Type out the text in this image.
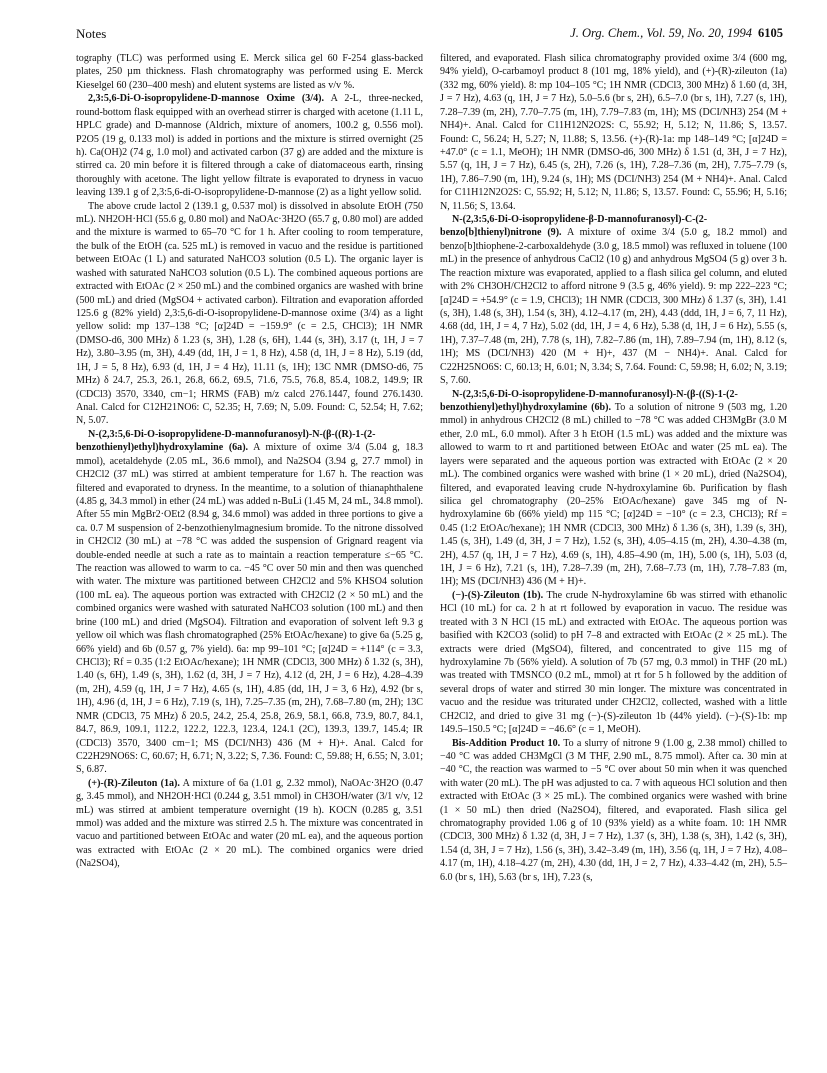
Notes	J. Org. Chem., Vol. 59, No. 20, 1994 6105

tography (TLC) was performed using E. Merck silica gel 60 F-254 glass-backed plates, 250 µm thickness. Flash chromatography was performed using E. Merck Kieselgel 60 (230–400 mesh) and elutent systems are listed as v/v %.

2,3:5,6-Di-O-isopropylidene-D-mannose Oxime (3/4). A 2-L, three-necked, round-bottom flask equipped with an overhead stirrer is charged with acetone (1.11 L, HPLC grade) and D-mannose (Aldrich, mixture of anomers, 100.2 g, 0.556 mol). P2O5 (19 g, 0.133 mol) is added in portions and the mixture is stirred overnight (25 h). Ca(OH)2 (74 g, 1.0 mol) and activated carbon (37 g) are added and the mixture is stirred ca. 20 min before it is filtered through a cake of diatomaceous earth, rinsing thoroughly with acetone. The light yellow filtrate is evaporated to dryness in vacuo leaving 139.1 g of 2,3:5,6-di-O-isopropylidene-D-mannose (2) as a light yellow solid.

The above crude lactol 2 (139.1 g, 0.537 mol) is dissolved in absolute EtOH (750 mL). NH2OH·HCl (55.6 g, 0.80 mol) and NaOAc·3H2O (65.7 g, 0.80 mol) are added and the mixture is warmed to 65–70 °C for 1 h. After cooling to room temperature, the bulk of the EtOH (ca. 525 mL) is removed in vacuo and the residue is partitioned between EtOAc (1 L) and saturated NaHCO3 solution (0.5 L). The organic layer is washed with saturated NaHCO3 solution (0.5 L). The combined aqueous portions are extracted with EtOAc (2 × 250 mL) and the combined organics are washed with brine (500 mL) and dried (MgSO4 + activated carbon). Filtration and evaporation afforded 125.6 g (82% yield) 2,3:5,6-di-O-isopropylidene-D-mannose oxime (3/4) as a light yellow solid: mp 137–138 °C; [α]24D = −159.9° (c = 2.5, CHCl3); 1H NMR (DMSO-d6, 300 MHz) δ 1.23 (s, 3H), 1.28 (s, 6H), 1.44 (s, 3H), 3.17 (t, 1H, J = 7 Hz), 3.80–3.95 (m, 3H), 4.49 (dd, 1H, J = 1, 8 Hz), 4.58 (d, 1H, J = 8 Hz), 5.19 (dd, 1H, J = 5, 8 Hz), 6.93 (d, 1H, J = 4 Hz), 11.11 (s, 1H); 13C NMR (DMSO-d6, 75 MHz) δ 24.7, 25.3, 26.1, 26.8, 66.2, 69.5, 71.6, 75.5, 76.8, 85.4, 108.2, 149.9; IR (CDCl3) 3570, 3340, cm−1; HRMS (FAB) m/z calcd 276.1447, found 276.1430. Anal. Calcd for C12H21NO6: C, 52.35; H, 7.69; N, 5.09. Found: C, 52.54; H, 7.62; N, 5.07.

N-(2,3:5,6-Di-O-isopropylidene-D-mannofuranosyl)-N-(β-((R)-1-(2-benzothienyl)ethyl)hydroxylamine (6a). A mixture of oxime 3/4 (5.04 g, 18.3 mmol), acetaldehyde (2.05 mL, 36.6 mmol), and Na2SO4 (3.94 g, 27.7 mmol) in CH2Cl2 (37 mL) was stirred at ambient temperature for 1.67 h. The reaction was filtered and evaporated to dryness. In the meantime, to a solution of thianaphthalene (4.85 g, 34.3 mmol) in ether (24 mL) was added n-BuLi (1.45 M, 24 mL, 34.8 mmol). After 55 min MgBr2·OEt2 (8.94 g, 34.6 mmol) was added in three portions to give a ca. 0.7 M suspension of 2-benzothienylmagnesium bromide. To the nitrone dissolved in CH2Cl2 (30 mL) at −78 °C was added the suspension of Grignard reagent via double-ended needle at such a rate as to maintain a reaction temperature ≤−65 °C. The reaction was allowed to warm to ca. −45 °C over 50 min and then was quenched with water. The mixture was partitioned between CH2Cl2 and 5% KHSO4 solution (100 mL ea). The aqueous portion was extracted with CH2Cl2 (2 × 50 mL) and the combined organics were washed with saturated NaHCO3 solution (100 mL) and then brine (100 mL) and dried (MgSO4). Filtration and evaporation of solvent left 9.3 g yellow oil which was flash chromatographed (25% EtOAc/hexane) to give 6a (5.25 g, 66% yield) and 6b (0.57 g, 7% yield). 6a: mp 99–101 °C; [α]24D = +114° (c = 3.3, CHCl3); Rf = 0.35 (1:2 EtOAc/hexane); 1H NMR (CDCl3, 300 MHz) δ 1.32 (s, 3H), 1.40 (s, 6H), 1.49 (s, 3H), 1.62 (d, 3H, J = 7 Hz), 4.12 (d, 2H, J = 6 Hz), 4.28–4.39 (m, 2H), 4.59 (q, 1H, J = 7 Hz), 4.65 (s, 1H), 4.85 (dd, 1H, J = 3, 6 Hz), 4.92 (br s, 1H), 4.96 (d, 1H, J = 6 Hz), 7.19 (s, 1H), 7.25–7.35 (m, 2H), 7.68–7.80 (m, 2H); 13C NMR (CDCl3, 75 MHz) δ 20.5, 24.2, 25.4, 25.8, 26.9, 58.1, 66.8, 73.9, 80.7, 84.1, 84.7, 86.9, 109.1, 112.2, 122.2, 122.3, 123.4, 124.1 (2C), 139.3, 139.7, 145.4; IR (CDCl3) 3570, 3400 cm−1; MS (DCI/NH3) 436 (M + H)+. Anal. Calcd for C22H29NO6S: C, 60.67; H, 6.71; N, 3.22; S, 7.36. Found: C, 59.88; H, 6.55; N, 3.01; S, 6.87.

(+)-(R)-Zileuton (1a). A mixture of 6a (1.01 g, 2.32 mmol), NaOAc·3H2O (0.47 g, 3.45 mmol), and NH2OH·HCl (0.244 g, 3.51 mmol) in CH3OH/water (3/1 v/v, 12 mL) was stirred at ambient temperature overnight (19 h). KOCN (0.285 g, 3.51 mmol) was added and the mixture was stirred 2.5 h. The mixture was concentrated in vacuo and partitioned between EtOAc and water (20 mL ea), and the aqueous portion was extracted with EtOAc (2 × 20 mL). The combined organics were dried (Na2SO4),

filtered, and evaporated. Flash silica chromatography provided oxime 3/4 (600 mg, 94% yield), O-carbamoyl product 8 (101 mg, 18% yield), and (+)-(R)-zileuton (1a) (332 mg, 60% yield). 8: mp 104–105 °C; 1H NMR (CDCl3, 300 MHz) δ 1.60 (d, 3H, J = 7 Hz), 4.63 (q, 1H, J = 7 Hz), 5.0–5.6 (br s, 2H), 6.5–7.0 (br s, 1H), 7.27 (s, 1H), 7.28–7.39 (m, 2H), 7.70–7.75 (m, 1H), 7.79–7.83 (m, 1H); MS (DCI/NH3) 254 (M + NH4)+. Anal. Calcd for C11H12N2O2S: C, 55.92; H, 5.12; N, 11.86; S, 13.57. Found: C, 56.24; H, 5.27; N, 11.88; S, 13.56. (+)-(R)-1a: mp 148–149 °C; [α]24D = +47.0° (c = 1.1, MeOH); 1H NMR (DMSO-d6, 300 MHz) δ 1.51 (d, 3H, J = 7 Hz), 5.57 (q, 1H, J = 7 Hz), 6.45 (s, 2H), 7.26 (s, 1H), 7.28–7.36 (m, 2H), 7.75–7.79 (s, 1H), 7.86–7.90 (m, 1H), 9.24 (s, 1H); MS (DCI/NH3) 254 (M + NH4)+. Anal. Calcd for C11H12N2O2S: C, 55.92; H, 5.12; N, 11.86; S, 13.57. Found: C, 55.96; H, 5.16; N, 11.56; S, 13.64.

N-(2,3:5,6-Di-O-isopropylidene-β-D-mannofuranosyl)-C-(2-benzo[b]thienyl)nitrone (9). A mixture of oxime 3/4 (5.0 g, 18.2 mmol) and benzo[b]thiophene-2-carboxaldehyde (3.0 g, 18.5 mmol) was refluxed in toluene (100 mL) in the presence of anhydrous CaCl2 (10 g) and anhydrous MgSO4 (5 g) over 3 h. The reaction mixture was evaporated, applied to a flash silica gel column, and eluted with 2% CH3OH/CH2Cl2 to afford nitrone 9 (3.5 g, 46% yield). 9: mp 222–223 °C; [α]24D = +54.9° (c = 1.9, CHCl3); 1H NMR (CDCl3, 300 MHz) δ 1.37 (s, 3H), 1.41 (s, 3H), 1.48 (s, 3H), 1.54 (s, 3H), 4.12–4.17 (m, 2H), 4.43 (ddd, 1H, J = 6, 7, 11 Hz), 4.68 (dd, 1H, J = 4, 7 Hz), 5.02 (dd, 1H, J = 4, 6 Hz), 5.38 (d, 1H, J = 6 Hz), 5.55 (s, 1H), 7.37–7.48 (m, 2H), 7.78 (s, 1H), 7.82–7.86 (m, 1H), 7.89–7.94 (m, 1H), 8.12 (s, 1H); MS (DCI/NH3) 420 (M + H)+, 437 (M − NH4)+. Anal. Calcd for C22H25NO6S: C, 60.13; H, 6.01; N, 3.34; S, 7.64. Found: C, 59.98; H, 6.02; N, 3.19; S, 7.60.

N-(2,3:5,6-Di-O-isopropylidene-D-mannofuranosyl)-N-(β-((S)-1-(2-benzothienyl)ethyl)hydroxylamine (6b). To a solution of nitrone 9 (503 mg, 1.20 mmol) in anhydrous CH2Cl2 (8 mL) chilled to −78 °C was added CH3MgBr (3.0 M ether, 2.0 mL, 6.0 mmol). After 3 h EtOH (1.5 mL) was added and the mixture was allowed to warm to rt and partitioned between EtOAc and water (25 mL ea). The layers were separated and the aqueous portion was extracted with EtOAc (2 × 20 mL). The combined organics were washed with brine (1 × 20 mL), dried (Na2SO4), filtered, and evaporated leaving crude N-hydroxylamine 6b. Purification by flash silica gel chromatography (20–25% EtOAc/hexane) gave 345 mg of N-hydroxylamine 6b (66% yield) mp 115 °C; [α]24D = −10° (c = 2.3, CHCl3); Rf = 0.45 (1:2 EtOAc/hexane); 1H NMR (CDCl3, 300 MHz) δ 1.36 (s, 3H), 1.39 (s, 3H), 1.45 (s, 3H), 1.49 (d, 3H, J = 7 Hz), 1.52 (s, 3H), 4.05–4.15 (m, 2H), 4.30–4.38 (m, 2H), 4.57 (q, 1H, J = 7 Hz), 4.69 (s, 1H), 4.85–4.90 (m, 1H), 5.00 (s, 1H), 5.03 (d, 1H, J = 6 Hz), 7.21 (s, 1H), 7.28–7.39 (m, 2H), 7.68–7.73 (m, 1H), 7.78–7.83 (m, 1H); MS (DCI/NH3) 436 (M + H)+.

(−)-(S)-Zileuton (1b). The crude N-hydroxylamine 6b was stirred with ethanolic HCl (10 mL) for ca. 2 h at rt followed by evaporation in vacuo. The residue was treated with 3 N HCl (15 mL) and extracted with EtOAc. The aqueous portion was basified with K2CO3 (solid) to pH 7–8 and extracted with EtOAc (2 × 25 mL). The extracts were dried (MgSO4), filtered, and concentrated to give 115 mg of hydroxylamine 7b (56% yield). A solution of 7b (57 mg, 0.3 mmol) in THF (20 mL) was treated with TMSNCO (0.2 mL, mmol) at rt for 5 h followed by the addition of several drops of water and stirred 30 min longer. The mixture was concentrated in vacuo and the residue was triturated under CH2Cl2, collected, washed with a little CH2Cl2, and dried to give 31 mg (−)-(S)-zileuton 1b (44% yield). (−)-(S)-1b: mp 149.5–150.5 °C; [α]24D = −46.6° (c = 1, MeOH).

Bis-Addition Product 10. To a slurry of nitrone 9 (1.00 g, 2.38 mmol) chilled to −40 °C was added CH3MgCl (3 M THF, 2.90 mL, 8.75 mmol). After ca. 30 min at −40 °C, the reaction was warmed to −5 °C over about 50 min when it was quenched with water (20 mL). The pH was adjusted to ca. 7 with aqueous HCl solution and then extracted with EtOAc (3 × 25 mL). The combined organics were washed with brine (1 × 50 mL) then dried (Na2SO4), filtered, and evaporated. Flash silica gel chromatography provided 1.06 g of 10 (93% yield) as a white foam. 10: 1H NMR (CDCl3, 300 MHz) δ 1.32 (d, 3H, J = 7 Hz), 1.37 (s, 3H), 1.38 (s, 3H), 1.42 (s, 3H), 1.54 (d, 3H, J = 7 Hz), 1.56 (s, 3H), 3.42–3.49 (m, 1H), 3.56 (q, 1H, J = 7 Hz), 4.08–4.17 (m, 1H), 4.18–4.27 (m, 2H), 4.30 (dd, 1H, J = 2, 7 Hz), 4.33–4.42 (m, 2H), 5.5–6.0 (br s, 1H), 5.63 (br s, 1H), 7.23 (s,
